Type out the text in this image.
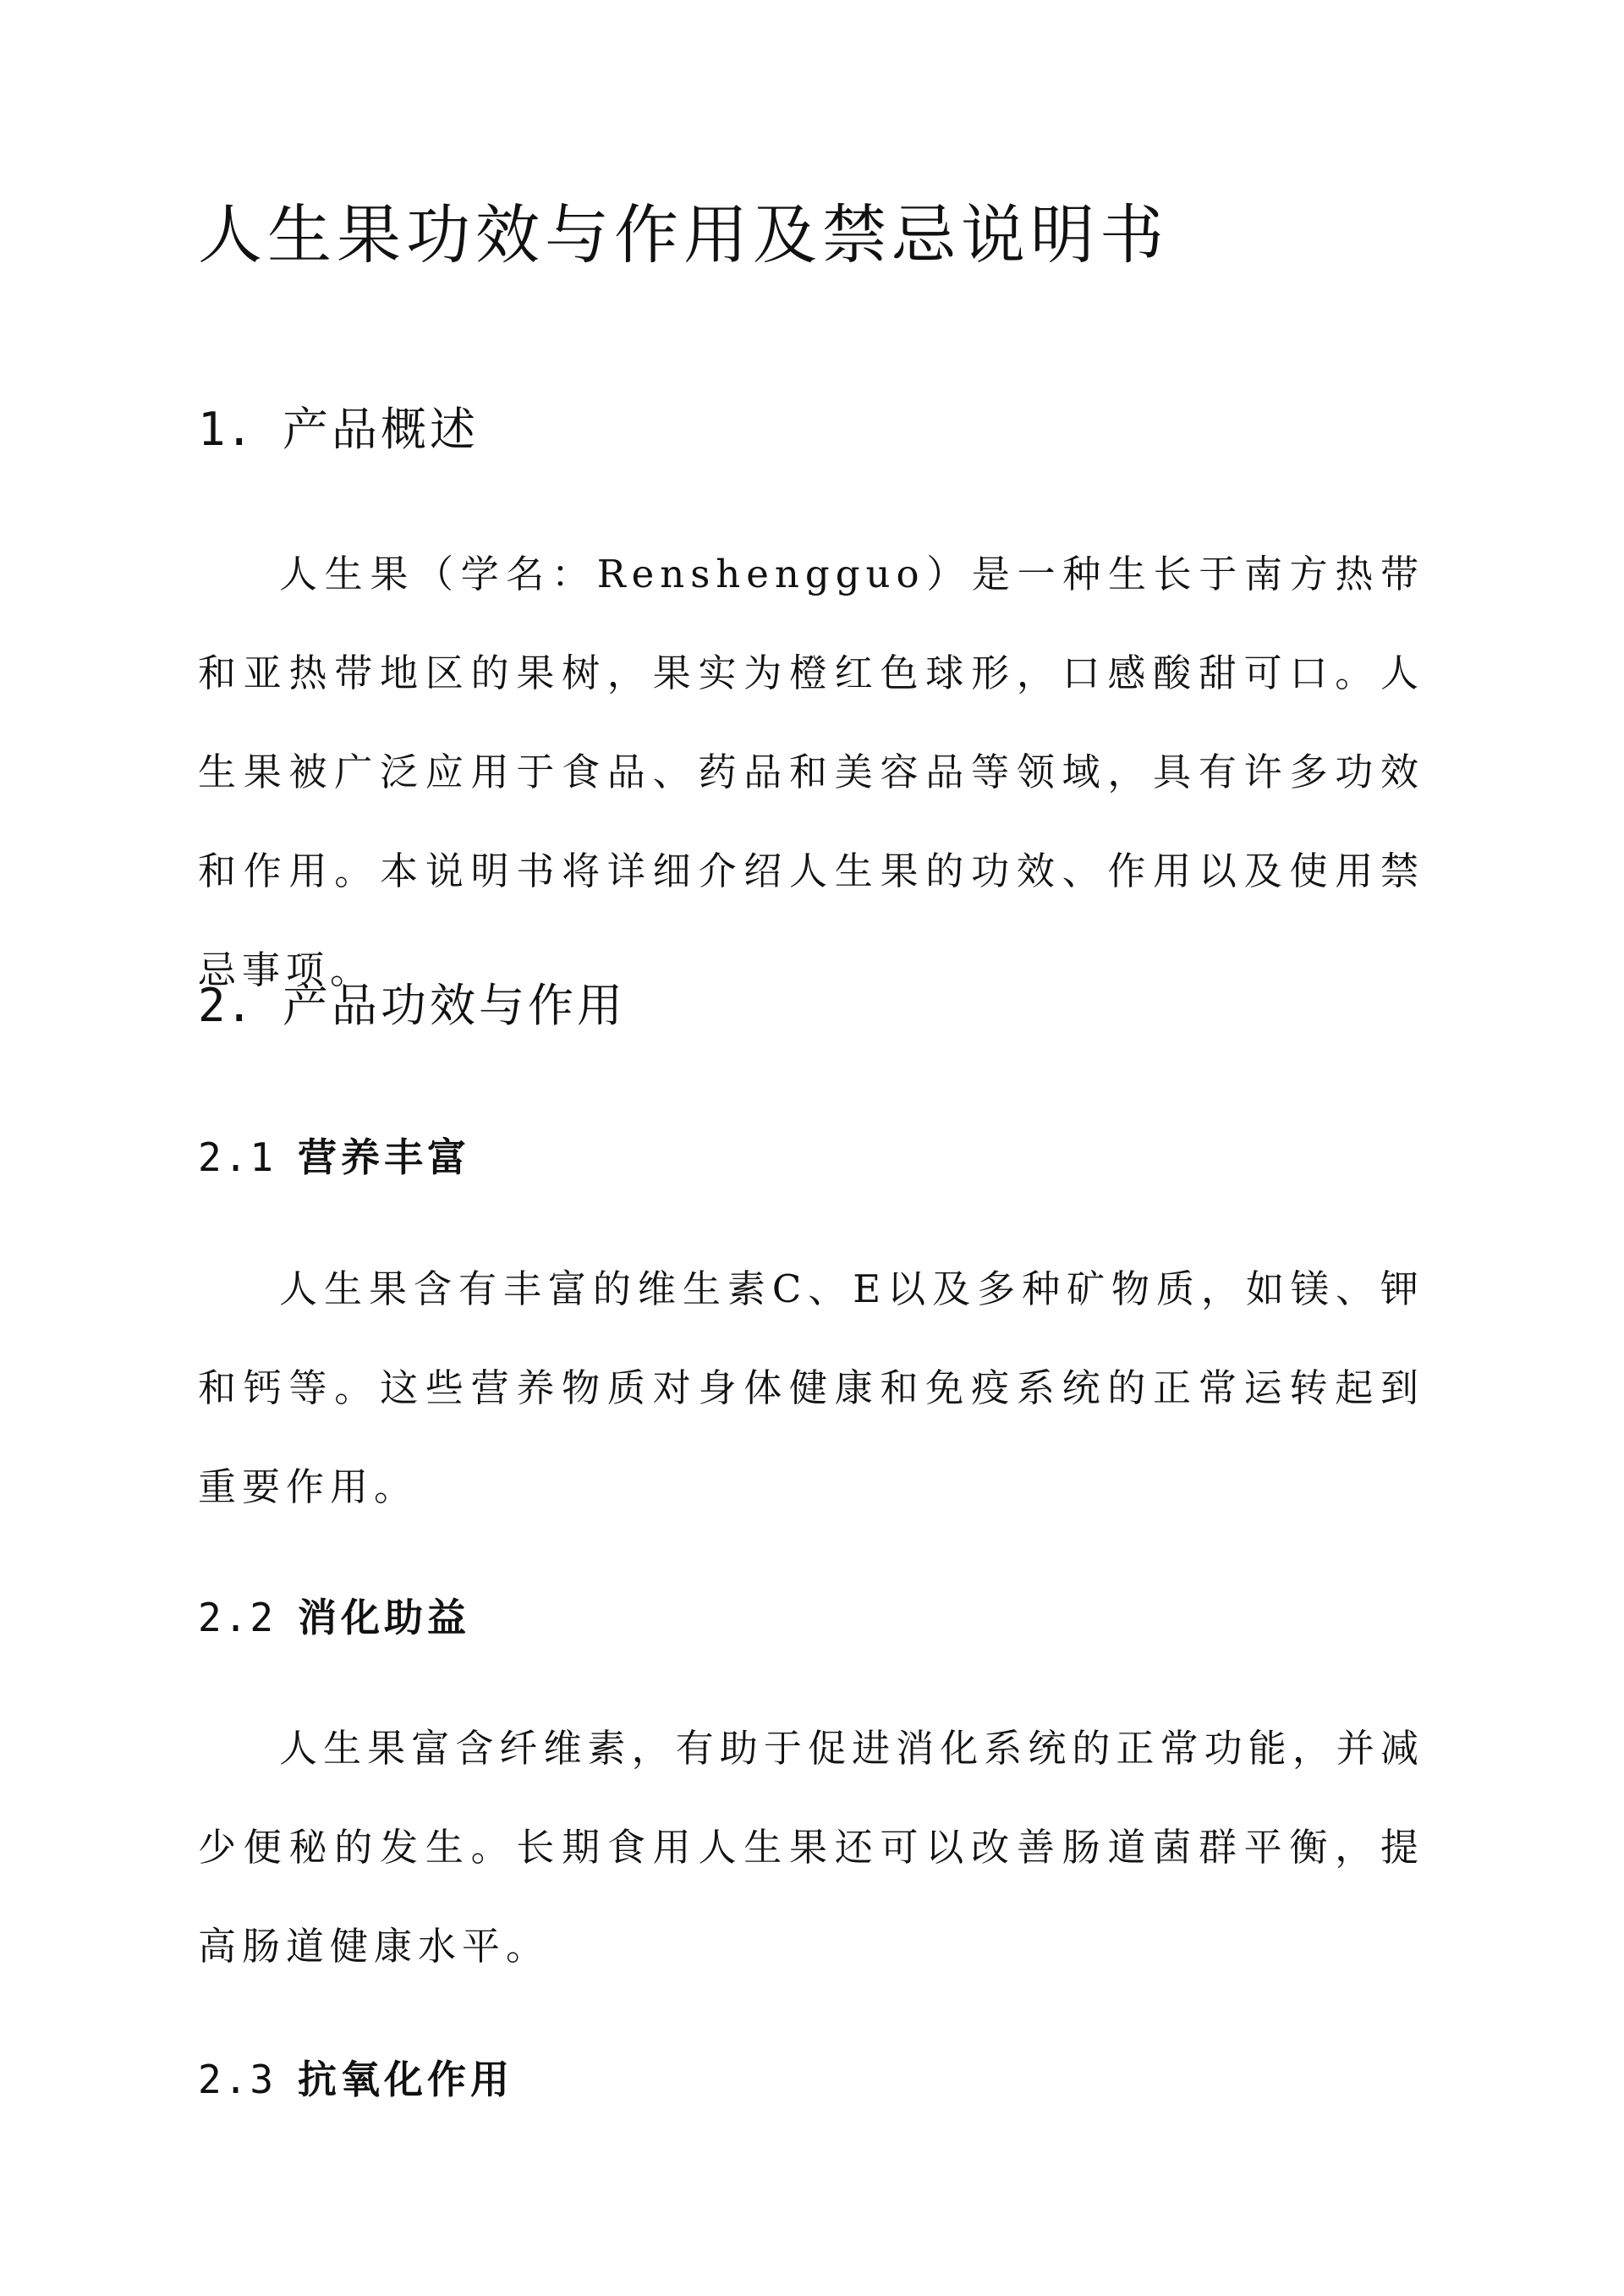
人生果功效与作用及禁忌说明书
1. 产品概述

人生果（学名：Renshengguo）是一种生长于南方热带和亚热带地区的果树，果实为橙红色球形，口感酸甜可口。人生果被广泛应用于食品、药品和美容品等领域，具有许多功效和作用。本说明书将详细介绍人生果的功效、作用以及使用禁忌事项。

2. 产品功效与作用
2.1 营养丰富

人生果含有丰富的维生素C、E以及多种矿物质，如镁、钾和钙等。这些营养物质对身体健康和免疫系统的正常运转起到重要作用。

2.2 消化助益

人生果富含纤维素，有助于促进消化系统的正常功能，并减少便秘的发生。长期食用人生果还可以改善肠道菌群平衡，提高肠道健康水平。

2.3 抗氧化作用
